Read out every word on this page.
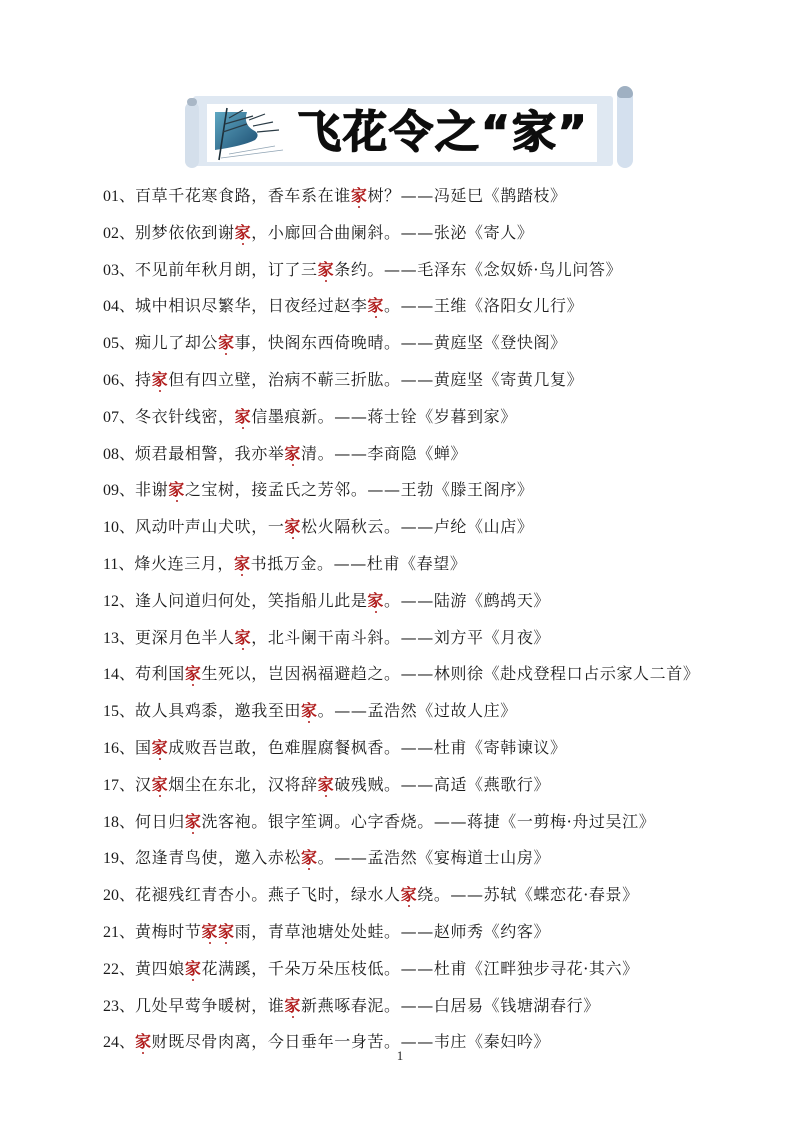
飞花令之“家”
01、百草千花寒食路，香车系在谁家树？——冯延巳《鹊踏枝》
02、别梦依依到谢家，小廊回合曲阑斜。——张泌《寄人》
03、不见前年秋月朗，订了三家条约。——毛泽东《念奴娇·鸟儿问答》
04、城中相识尽繁华，日夜经过赵李家。——王维《洛阳女儿行》
05、痴儿了却公家事，快阁东西倚晚晴。——黄庭坚《登快阁》
06、持家但有四立壁，治病不蕲三折肱。——黄庭坚《寄黄几复》
07、冬衣针线密，家信墨痕新。——蒋士铨《岁暮到家》
08、烦君最相警，我亦举家清。——李商隐《蝉》
09、非谢家之宝树，接孟氏之芳邻。——王勃《滕王阁序》
10、风动叶声山犬吠，一家松火隔秋云。——卢纶《山店》
11、烽火连三月，家书抵万金。——杜甫《春望》
12、逢人问道归何处，笑指船儿此是家。——陆游《鹧鸪天》
13、更深月色半人家，北斗阑干南斗斜。——刘方平《月夜》
14、苟利国家生死以，岂因祸福避趋之。——林则徐《赴戍登程口占示家人二首》
15、故人具鸡黍，邀我至田家。——孟浩然《过故人庄》
16、国家成败吾岂敢，色难腥腐餐枫香。——杜甫《寄韩谏议》
17、汉家烟尘在东北，汉将辞家破残贼。——高适《燕歌行》
18、何日归家洗客袍。银字笙调。心字香烧。——蒋捷《一剪梅·舟过吴江》
19、忽逢青鸟使，邀入赤松家。——孟浩然《宴梅道士山房》
20、花褪残红青杏小。燕子飞时，绿水人家绕。——苏轼《蝶恋花·春景》
21、黄梅时节家家雨，青草池塘处处蛙。——赵师秀《约客》
22、黄四娘家花满蹊，千朵万朵压枝低。——杜甫《江畔独步寻花·其六》
23、几处早莺争暖树，谁家新燕啄春泥。——白居易《钱塘湖春行》
24、家财既尽骨肉离，今日垂年一身苦。——韦庄《秦妇吟》
1
